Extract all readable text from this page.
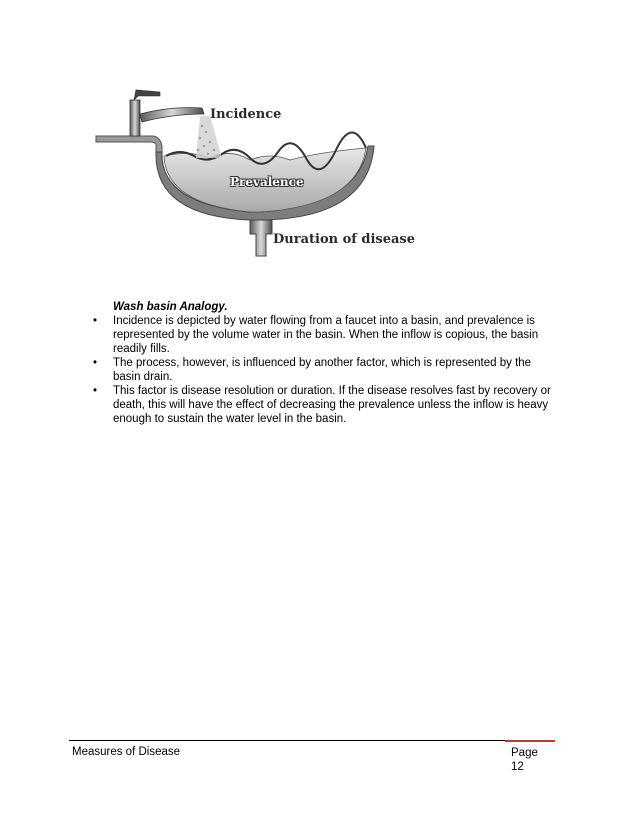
Incidence
Prevalence
Duration of disease
Wash basin Analogy.
• Incidence is depicted by water flowing from a faucet into a basin, and prevalence is represented by the volume water in the basin. When the inflow is copious, the basin readily fills.
• The process, however, is influenced by another factor, which is represented by the basin drain.
• This factor is disease resolution or duration. If the disease resolves fast by recovery or death, this will have the effect of decreasing the prevalence unless the inflow is heavy enough to sustain the water level in the basin.
Measures of Disease	Page
12
